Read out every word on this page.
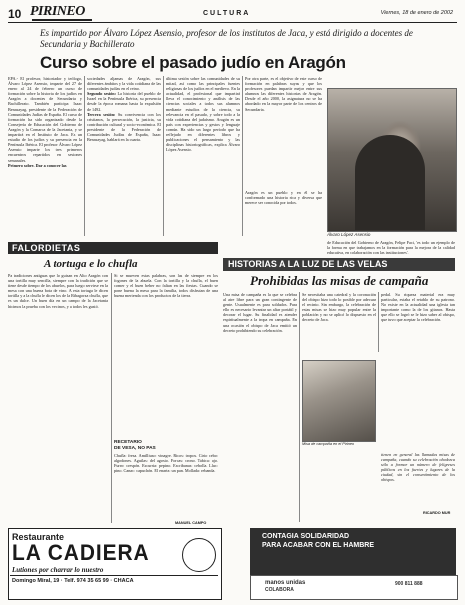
10 PIRINEO	CULTURA	Viernes, 18 de enero de 2002
Es impartido por Álvaro López Asensio, profesor de los institutos de Jaca, y está dirigido a docentes de Secundaria y Bachillerato
Curso sobre el pasado judío en Aragón
EPA.- El profesor, historiador y teólogo, Álvaro López Asensio, imparte del 27 de enero al 24 de febrero un curso de formación sobre la historia de los judíos en Aragón a docentes de Secundaria y Bachillerato. También participa Isaac Benasayag, presidente de la Federación de Comunidades Judías de España. El curso de formación ha sido organizado desde la Consejería de Educación del Gobierno de Aragón y la Comarca de la Jacetania, y se impartirá en el Instituto de Jaca. Es un estudio de los judíos y su presencia en la Península Ibérica. El profesor Álvaro López Asensio imparte los tres primeros encuentros repartidos en sesiones semanales.
Primero sobre. Dar a conocer las
sociedades aljamas de Aragón, sus diferentes ámbitos y la vida cotidiana de las comunidades judías en el reino.
Segundo sesión: La historia del pueblo de Israel en la Península Ibérica, su presencia desde la época romana hasta la expulsión de 1492.
Tercera sesión: Su convivencia con los cristianos, la persecución, la justicia, su contribución cultural y socio-económica. El presidente de la Federación de Comunidades Judías de España, Isaac Benasayag, hablará en la cuarta.
última sesión sobre las comunidades de su mitad, así como las principales fuentes religiosas de los judíos en el medievo. En la actualidad, el profesional que impartirá lleva el conocimiento y análisis de las ciencias sociales a todos sus alumnos mediante estudios de la ciencia, su relevancia en el pasado, y sobre todo a la vida cotidiana del judaísmo. Aragón es un país con experiencias y gestos y lenguaje común. Ha sido un largo período que ha reflejado en diferentes libros y publicaciones el pensamiento y las disciplinas historiográficas, explica Álvaro López Asensio.
Por otra parte, es el objetivo de este curso de formación en palabras suyas y que los profesores puedan impartir mejor entre sus alumnos las diferentes historias de Aragón. Desde el año 2000, la asignatura no se ha abordado en la mayor parte de los centros de Secundaria.
Álvaro López Asensio
Aragón es un pueblo y en él se ha conformado una historia rica y diversa que merece ser conocida por todos.
de Educación del Gobierno de Aragón, Felipe Faci, 'es todo un ejemplo de la forma en que trabajamos en la formación para la mejora de la calidad educativa, en colaboración con las instituciones'.
FALORDIETAS
A tortuga e lo chufla
Pa tradiciones antiguas que lo guisan en Alto Aragón con una tortilla muy sencilla, siempre con la tradición que se tiene desde tiempo de los abuelos, para luego servirse en la mesa con una buena bota de vino. A esta tortuga le dicen tortilla y a la chufla le dicen los de la Ribagorza chufla, que es un dulce. Un buen día en un campo de la Jacetania hicimos la prueba con los vecinos, y a todos les gustó.
Si se mueven estas palabras, son las de siempre en los fogones de la abuela. Con la tortilla y la chufla, el buen comer y el buen beber no faltan en las fiestas. Cuando se pone buena la mesa para la familia, todos disfrutan de una buena merienda con los productos de la tierra.
RECETARIO
DE VESA, NO PAS
Chufla: fresa. Amilliuso: vinagre. Ricos: tropos. Cirio cebo: algodones. Aguilas: del agosto. Forcas: crono. Tabica: ajo. Furro: crespón. Escurria: pepino. Escribanas: cebolla. Lluc: pino. Canac: capuchón. El enartz: un pan. Mollada: rebanda.
MANUEL CAMPO
HISTORIAS A LA LUZ DE LAS VELAS
Prohibidas las misas de campaña
Una misa de campaña es la que se celebra al aire libre para un gran contingente de gente. Usualmente es para soldados. Para ello es necesario levantar un altar portátil y decorar el lugar. Su finalidad es atender espiritualmente a la tropa en campaña. En una ocasión el obispo de Jaca emitió un decreto prohibiendo su celebración.
Se necesitaba una catedral y la coronación del obispo hizo todo lo posible por adecuar el recinto. Sin embargo, la celebración de estas misas se hizo muy popular entre la población y no se aplicó lo dispuesto en el decreto de Jaca.
pedal. Su riqueza material era muy particular, estaba el retablo de su patrono. No existe en la actualidad una iglesia tan importante como la de los gitanos. Hasta que ello se logró se le hizo saber al obispo, que tuvo que aceptar la celebración.
Misa de campaña en el Pirineo
tienen en general las llamadas misas de campaña, cuando su celebración obedezca sólo a formar un número de feligreses públicos en los fuertes y lugares de la ciudad, sin el consentimiento de los obispos.
RICARDO MUR
Restaurante
LA CADIERA
Lutiones por charrar lo nuestro
Domingo Miral, 19 · Telf. 974 35 65 99 · CHACA
CONTAGIA SOLIDARIDAD
PARA ACABAR CON EL HAMBRE
manos unidas
COLABORA
900 811 888
